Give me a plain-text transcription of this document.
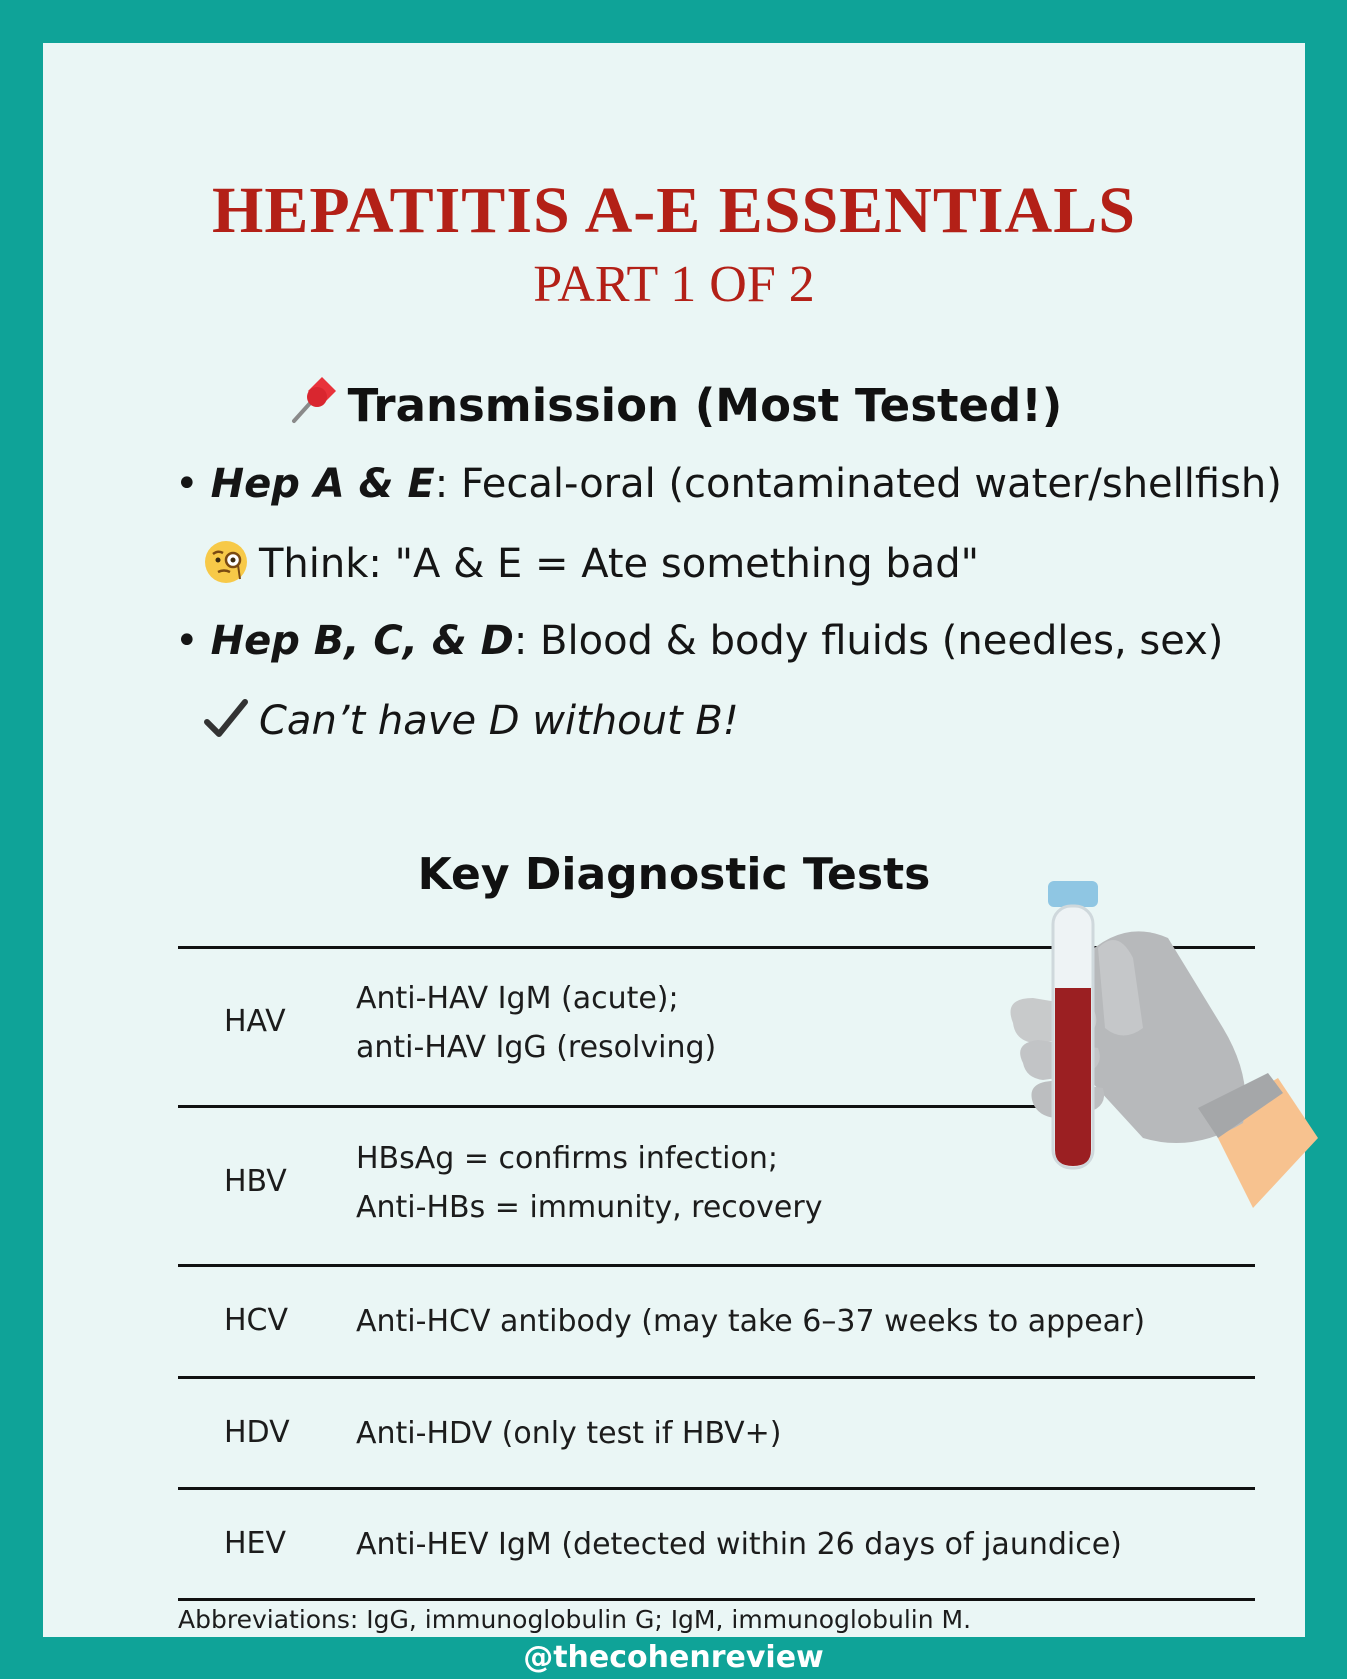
HEPATITIS A-E ESSENTIALS
PART 1 OF 2
Transmission (Most Tested!)
• Hep A & E: Fecal-oral (contaminated water/shellfish)
Think: "A & E = Ate something bad"
• Hep B, C, & D: Blood & body fluids (needles, sex)
Can’t have D without B!
Key Diagnostic Tests
HAV
Anti-HAV IgM (acute);
anti-HAV IgG (resolving)
HBV
HBsAg = confirms infection;
Anti-HBs = immunity, recovery
HCV Anti-HCV antibody (may take 6–37 weeks to appear)
HDV Anti-HDV (only test if HBV+)
HEV Anti-HEV IgM (detected within 26 days of jaundice)
Abbreviations: IgG, immunoglobulin G; IgM, immunoglobulin M.
@thecohenreview
